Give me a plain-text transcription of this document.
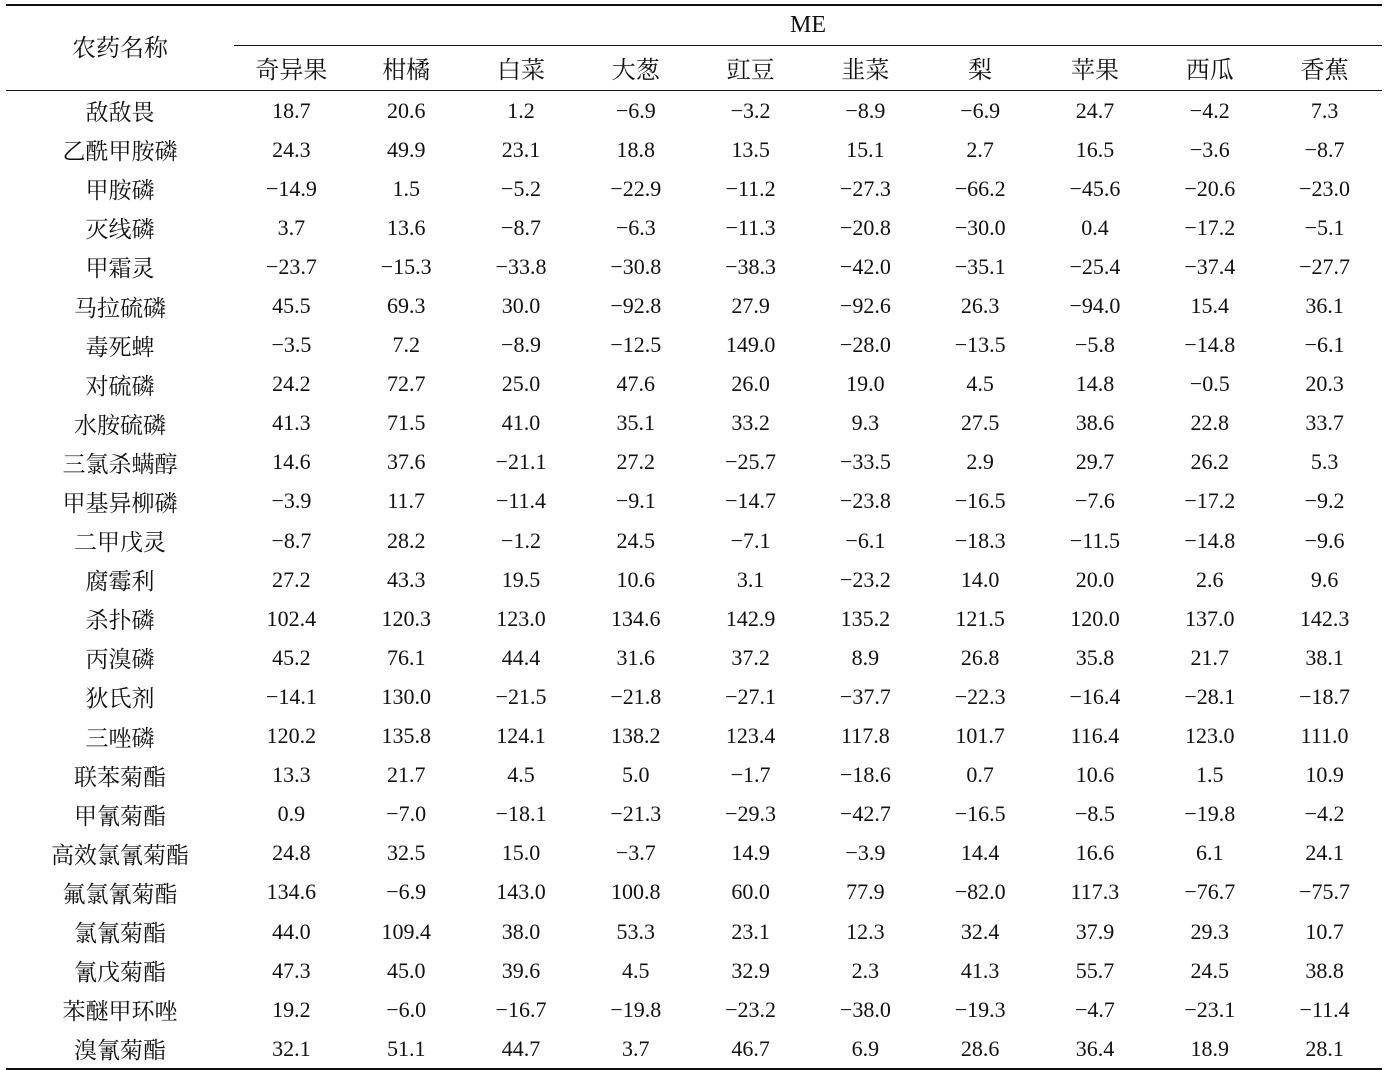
农药名称	ME									
	奇异果	柑橘	白菜	大葱	豇豆	韭菜	梨	苹果	西瓜	香蕉
敌敌畏	18.7	20.6	1.2	−6.9	−3.2	−8.9	−6.9	24.7	−4.2	7.3
乙酰甲胺磷	24.3	49.9	23.1	18.8	13.5	15.1	2.7	16.5	−3.6	−8.7
甲胺磷	−14.9	1.5	−5.2	−22.9	−11.2	−27.3	−66.2	−45.6	−20.6	−23.0
灭线磷	3.7	13.6	−8.7	−6.3	−11.3	−20.8	−30.0	0.4	−17.2	−5.1
甲霜灵	−23.7	−15.3	−33.8	−30.8	−38.3	−42.0	−35.1	−25.4	−37.4	−27.7
马拉硫磷	45.5	69.3	30.0	−92.8	27.9	−92.6	26.3	−94.0	15.4	36.1
毒死蜱	−3.5	7.2	−8.9	−12.5	149.0	−28.0	−13.5	−5.8	−14.8	−6.1
对硫磷	24.2	72.7	25.0	47.6	26.0	19.0	4.5	14.8	−0.5	20.3
水胺硫磷	41.3	71.5	41.0	35.1	33.2	9.3	27.5	38.6	22.8	33.7
三氯杀螨醇	14.6	37.6	−21.1	27.2	−25.7	−33.5	2.9	29.7	26.2	5.3
甲基异柳磷	−3.9	11.7	−11.4	−9.1	−14.7	−23.8	−16.5	−7.6	−17.2	−9.2
二甲戊灵	−8.7	28.2	−1.2	24.5	−7.1	−6.1	−18.3	−11.5	−14.8	−9.6
腐霉利	27.2	43.3	19.5	10.6	3.1	−23.2	14.0	20.0	2.6	9.6
杀扑磷	102.4	120.3	123.0	134.6	142.9	135.2	121.5	120.0	137.0	142.3
丙溴磷	45.2	76.1	44.4	31.6	37.2	8.9	26.8	35.8	21.7	38.1
狄氏剂	−14.1	130.0	−21.5	−21.8	−27.1	−37.7	−22.3	−16.4	−28.1	−18.7
三唑磷	120.2	135.8	124.1	138.2	123.4	117.8	101.7	116.4	123.0	111.0
联苯菊酯	13.3	21.7	4.5	5.0	−1.7	−18.6	0.7	10.6	1.5	10.9
甲氰菊酯	0.9	−7.0	−18.1	−21.3	−29.3	−42.7	−16.5	−8.5	−19.8	−4.2
高效氯氰菊酯	24.8	32.5	15.0	−3.7	14.9	−3.9	14.4	16.6	6.1	24.1
氟氯氰菊酯	134.6	−6.9	143.0	100.8	60.0	77.9	−82.0	117.3	−76.7	−75.7
氯氰菊酯	44.0	109.4	38.0	53.3	23.1	12.3	32.4	37.9	29.3	10.7
氰戊菊酯	47.3	45.0	39.6	4.5	32.9	2.3	41.3	55.7	24.5	38.8
苯醚甲环唑	19.2	−6.0	−16.7	−19.8	−23.2	−38.0	−19.3	−4.7	−23.1	−11.4
溴氰菊酯	32.1	51.1	44.7	3.7	46.7	6.9	28.6	36.4	18.9	28.1
